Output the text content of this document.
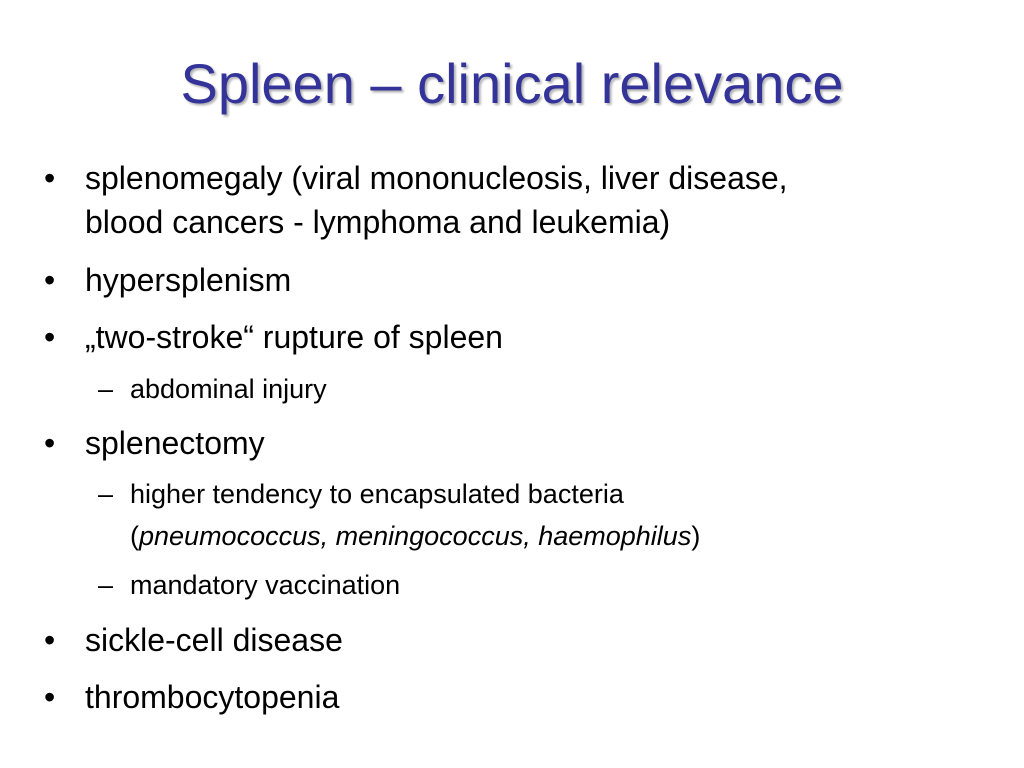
Spleen – clinical relevance
• splenomegaly (viral mononucleosis, liver disease,
blood cancers - lymphoma and leukemia)
• hypersplenism
• „two-stroke“ rupture of spleen
– abdominal injury
• splenectomy
– higher tendency to encapsulated bacteria
(pneumococcus, meningococcus, haemophilus)
– mandatory vaccination
• sickle-cell disease
• thrombocytopenia
